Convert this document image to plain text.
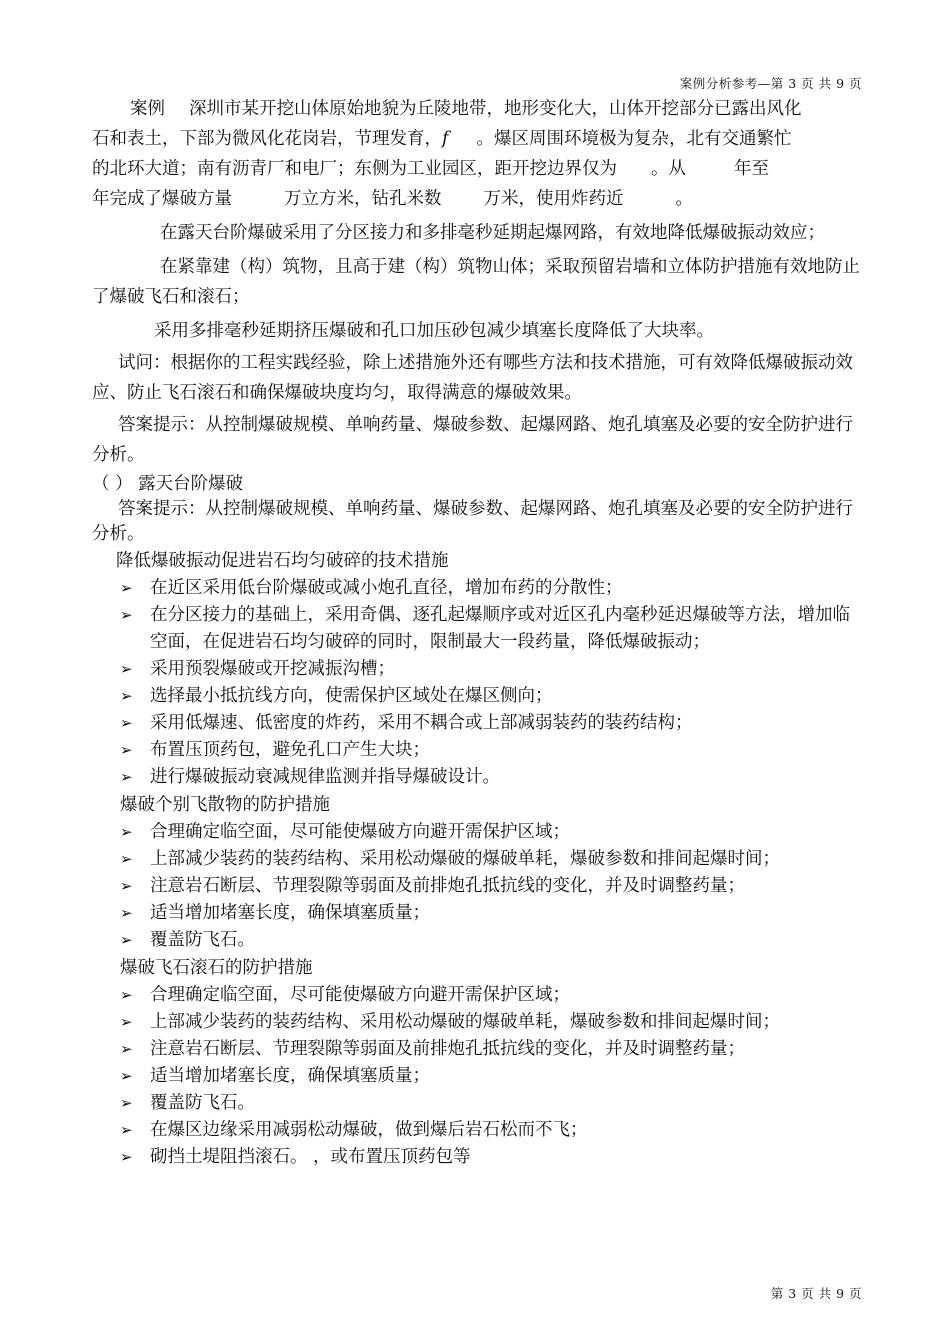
案例分析参考—第 3 页 共 9 页
案例 深圳市某开挖山体原始地貌为丘陵地带，地形变化大，山体开挖部分已露出风化
石和表土，下部为微风化花岗岩，节理发育，f 。爆区周围环境极为复杂，北有交通繁忙
的北环大道；南有沥青厂和电厂；东侧为工业园区，距开挖边界仅为 。从	年至
年完成了爆破方量	万立方米，钻孔米数 万米，使用炸药近	。
在露天台阶爆破采用了分区接力和多排毫秒延期起爆网路，有效地降低爆破振动效应；
在紧靠建（构）筑物，且高于建（构）筑物山体；采取预留岩墙和立体防护措施有效地防止了爆破飞石和滚石；
采用多排毫秒延期挤压爆破和孔口加压砂包减少填塞长度降低了大块率。
试问：根据你的工程实践经验，除上述措施外还有哪些方法和技术措施，可有效降低爆破振动效应、防止飞石滚石和确保爆破块度均匀，取得满意的爆破效果。
答案提示：从控制爆破规模、单响药量、爆破参数、起爆网路、炮孔填塞及必要的安全防护进行分析。
（ ） 露天台阶爆破
答案提示：从控制爆破规模、单响药量、爆破参数、起爆网路、炮孔填塞及必要的安全防护进行分析。
降低爆破振动促进岩石均匀破碎的技术措施
➢ 在近区采用低台阶爆破或减小炮孔直径，增加布药的分散性；
➢ 在分区接力的基础上，采用奇偶、逐孔起爆顺序或对近区孔内毫秒延迟爆破等方法，增加临空面，在促进岩石均匀破碎的同时，限制最大一段药量，降低爆破振动；
➢ 采用预裂爆破或开挖减振沟槽；
➢ 选择最小抵抗线方向，使需保护区域处在爆区侧向；
➢ 采用低爆速、低密度的炸药，采用不耦合或上部减弱装药的装药结构；
➢ 布置压顶药包，避免孔口产生大块；
➢ 进行爆破振动衰减规律监测并指导爆破设计。
爆破个别飞散物的防护措施
➢ 合理确定临空面，尽可能使爆破方向避开需保护区域；
➢ 上部减少装药的装药结构、采用松动爆破的爆破单耗，爆破参数和排间起爆时间；
➢ 注意岩石断层、节理裂隙等弱面及前排炮孔抵抗线的变化，并及时调整药量；
➢ 适当增加堵塞长度，确保填塞质量；
➢ 覆盖防飞石。
爆破飞石滚石的防护措施
➢ 合理确定临空面，尽可能使爆破方向避开需保护区域；
➢ 上部减少装药的装药结构、采用松动爆破的爆破单耗，爆破参数和排间起爆时间；
➢ 注意岩石断层、节理裂隙等弱面及前排炮孔抵抗线的变化，并及时调整药量；
➢ 适当增加堵塞长度，确保填塞质量；
➢ 覆盖防飞石。
➢ 在爆区边缘采用减弱松动爆破，做到爆后岩石松而不飞；
➢ 砌挡土堤阻挡滚石。 ，或布置压顶药包等
第 3 页 共 9 页
